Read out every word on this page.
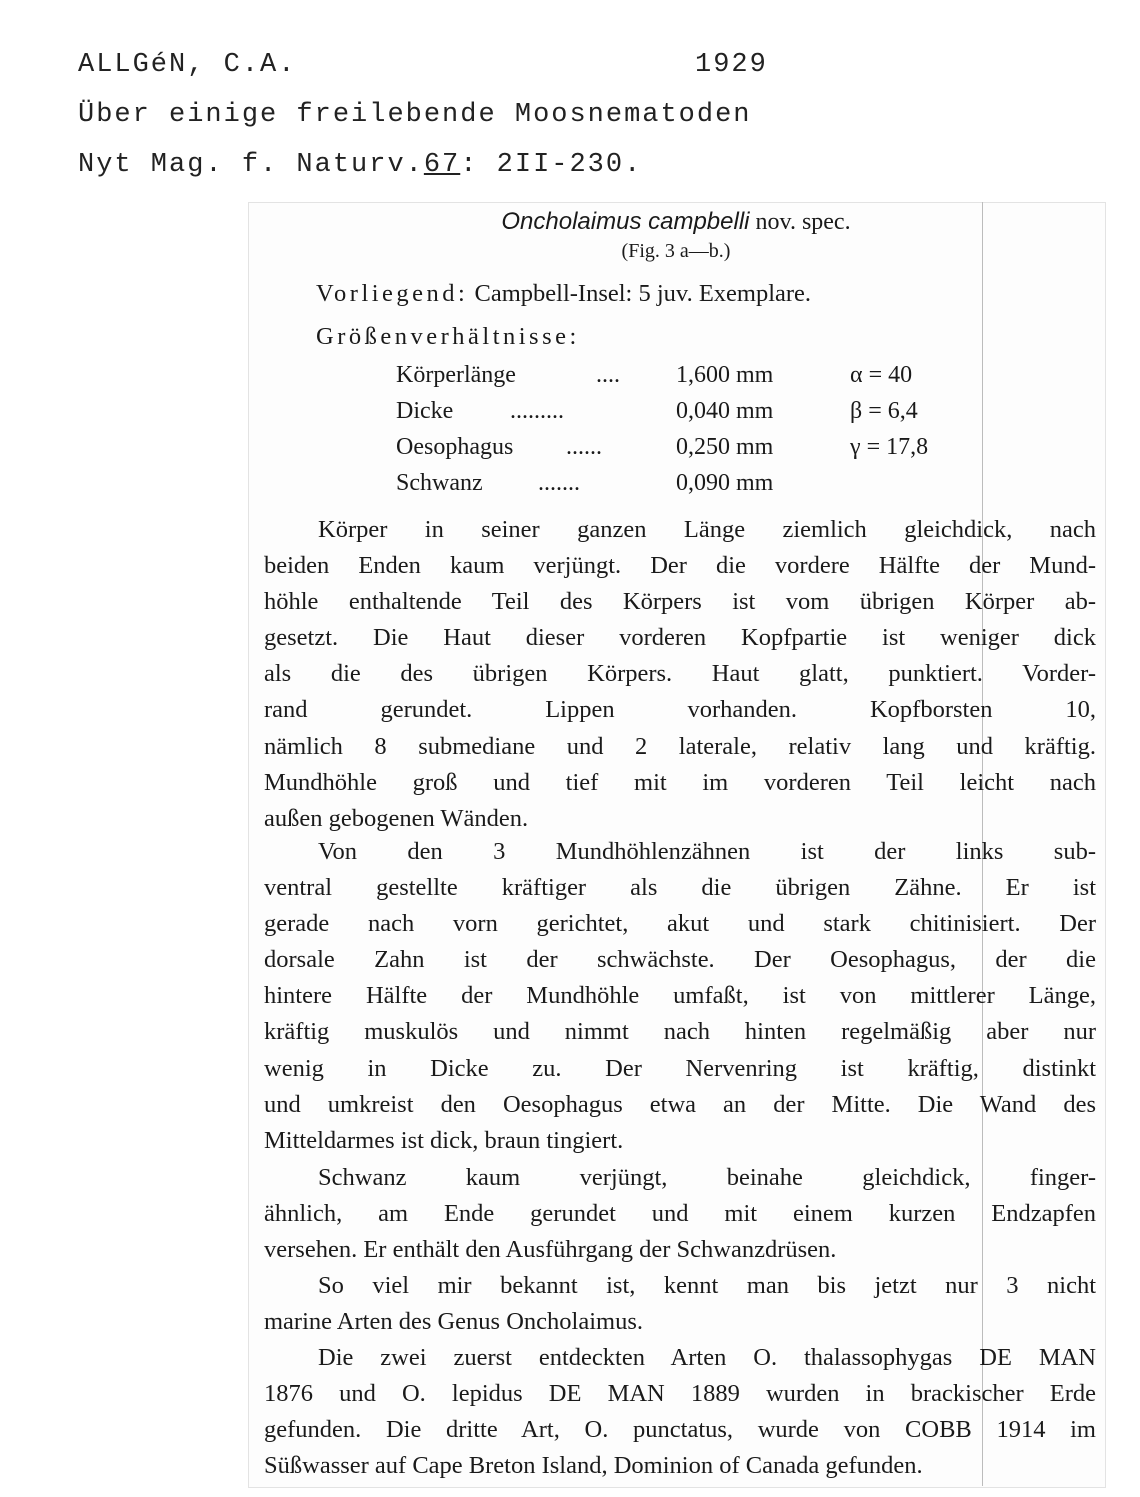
ALLGéN, C.A.	1929
Über einige freilebende Moosnematoden
Nyt Mag. f. Naturv.67: 2II-230.
Oncholaimus campbelli nov. spec.
(Fig. 3 a—b.)
Vorliegend: Campbell-Insel: 5 juv. Exemplare.
Größenverhältnisse:
Körperlänge	.... 1,600 mm	α = 40
Dicke .........	0,040 mm	β = 6,4
Oesophagus ......	0,250 mm	γ = 17,8
Schwanz .......	0,090 mm
Körper in seiner ganzen Länge ziemlich gleichdick, nach
beiden Enden kaum verjüngt. Der die vordere Hälfte der Mund-
höhle enthaltende Teil des Körpers ist vom übrigen Körper ab-
gesetzt. Die Haut dieser vorderen Kopfpartie ist weniger dick
als die des übrigen Körpers. Haut glatt, punktiert. Vorder-
rand gerundet. Lippen vorhanden. Kopfborsten 10,
nämlich 8 submediane und 2 laterale, relativ lang und kräftig.
Mundhöhle groß und tief mit im vorderen Teil leicht nach
außen gebogenen Wänden.
Von den 3 Mundhöhlenzähnen ist der links sub-
ventral gestellte kräftiger als die übrigen Zähne. Er ist
gerade nach vorn gerichtet, akut und stark chitinisiert. Der
dorsale Zahn ist der schwächste. Der Oesophagus, der die
hintere Hälfte der Mundhöhle umfaßt, ist von mittlerer Länge,
kräftig muskulös und nimmt nach hinten regelmäßig aber nur
wenig in Dicke zu. Der Nervenring ist kräftig, distinkt
und umkreist den Oesophagus etwa an der Mitte. Die Wand des
Mitteldarmes ist dick, braun tingiert.
Schwanz kaum verjüngt, beinahe gleichdick, finger-
ähnlich, am Ende gerundet und mit einem kurzen Endzapfen
versehen. Er enthält den Ausführgang der Schwanzdrüsen.
So viel mir bekannt ist, kennt man bis jetzt nur 3 nicht
marine Arten des Genus Oncholaimus.
Die zwei zuerst entdeckten Arten O. thalassophygas DE MAN
1876 und O. lepidus DE MAN 1889 wurden in brackischer Erde
gefunden. Die dritte Art, O. punctatus, wurde von COBB 1914 im
Süßwasser auf Cape Breton Island, Dominion of Canada gefunden.
